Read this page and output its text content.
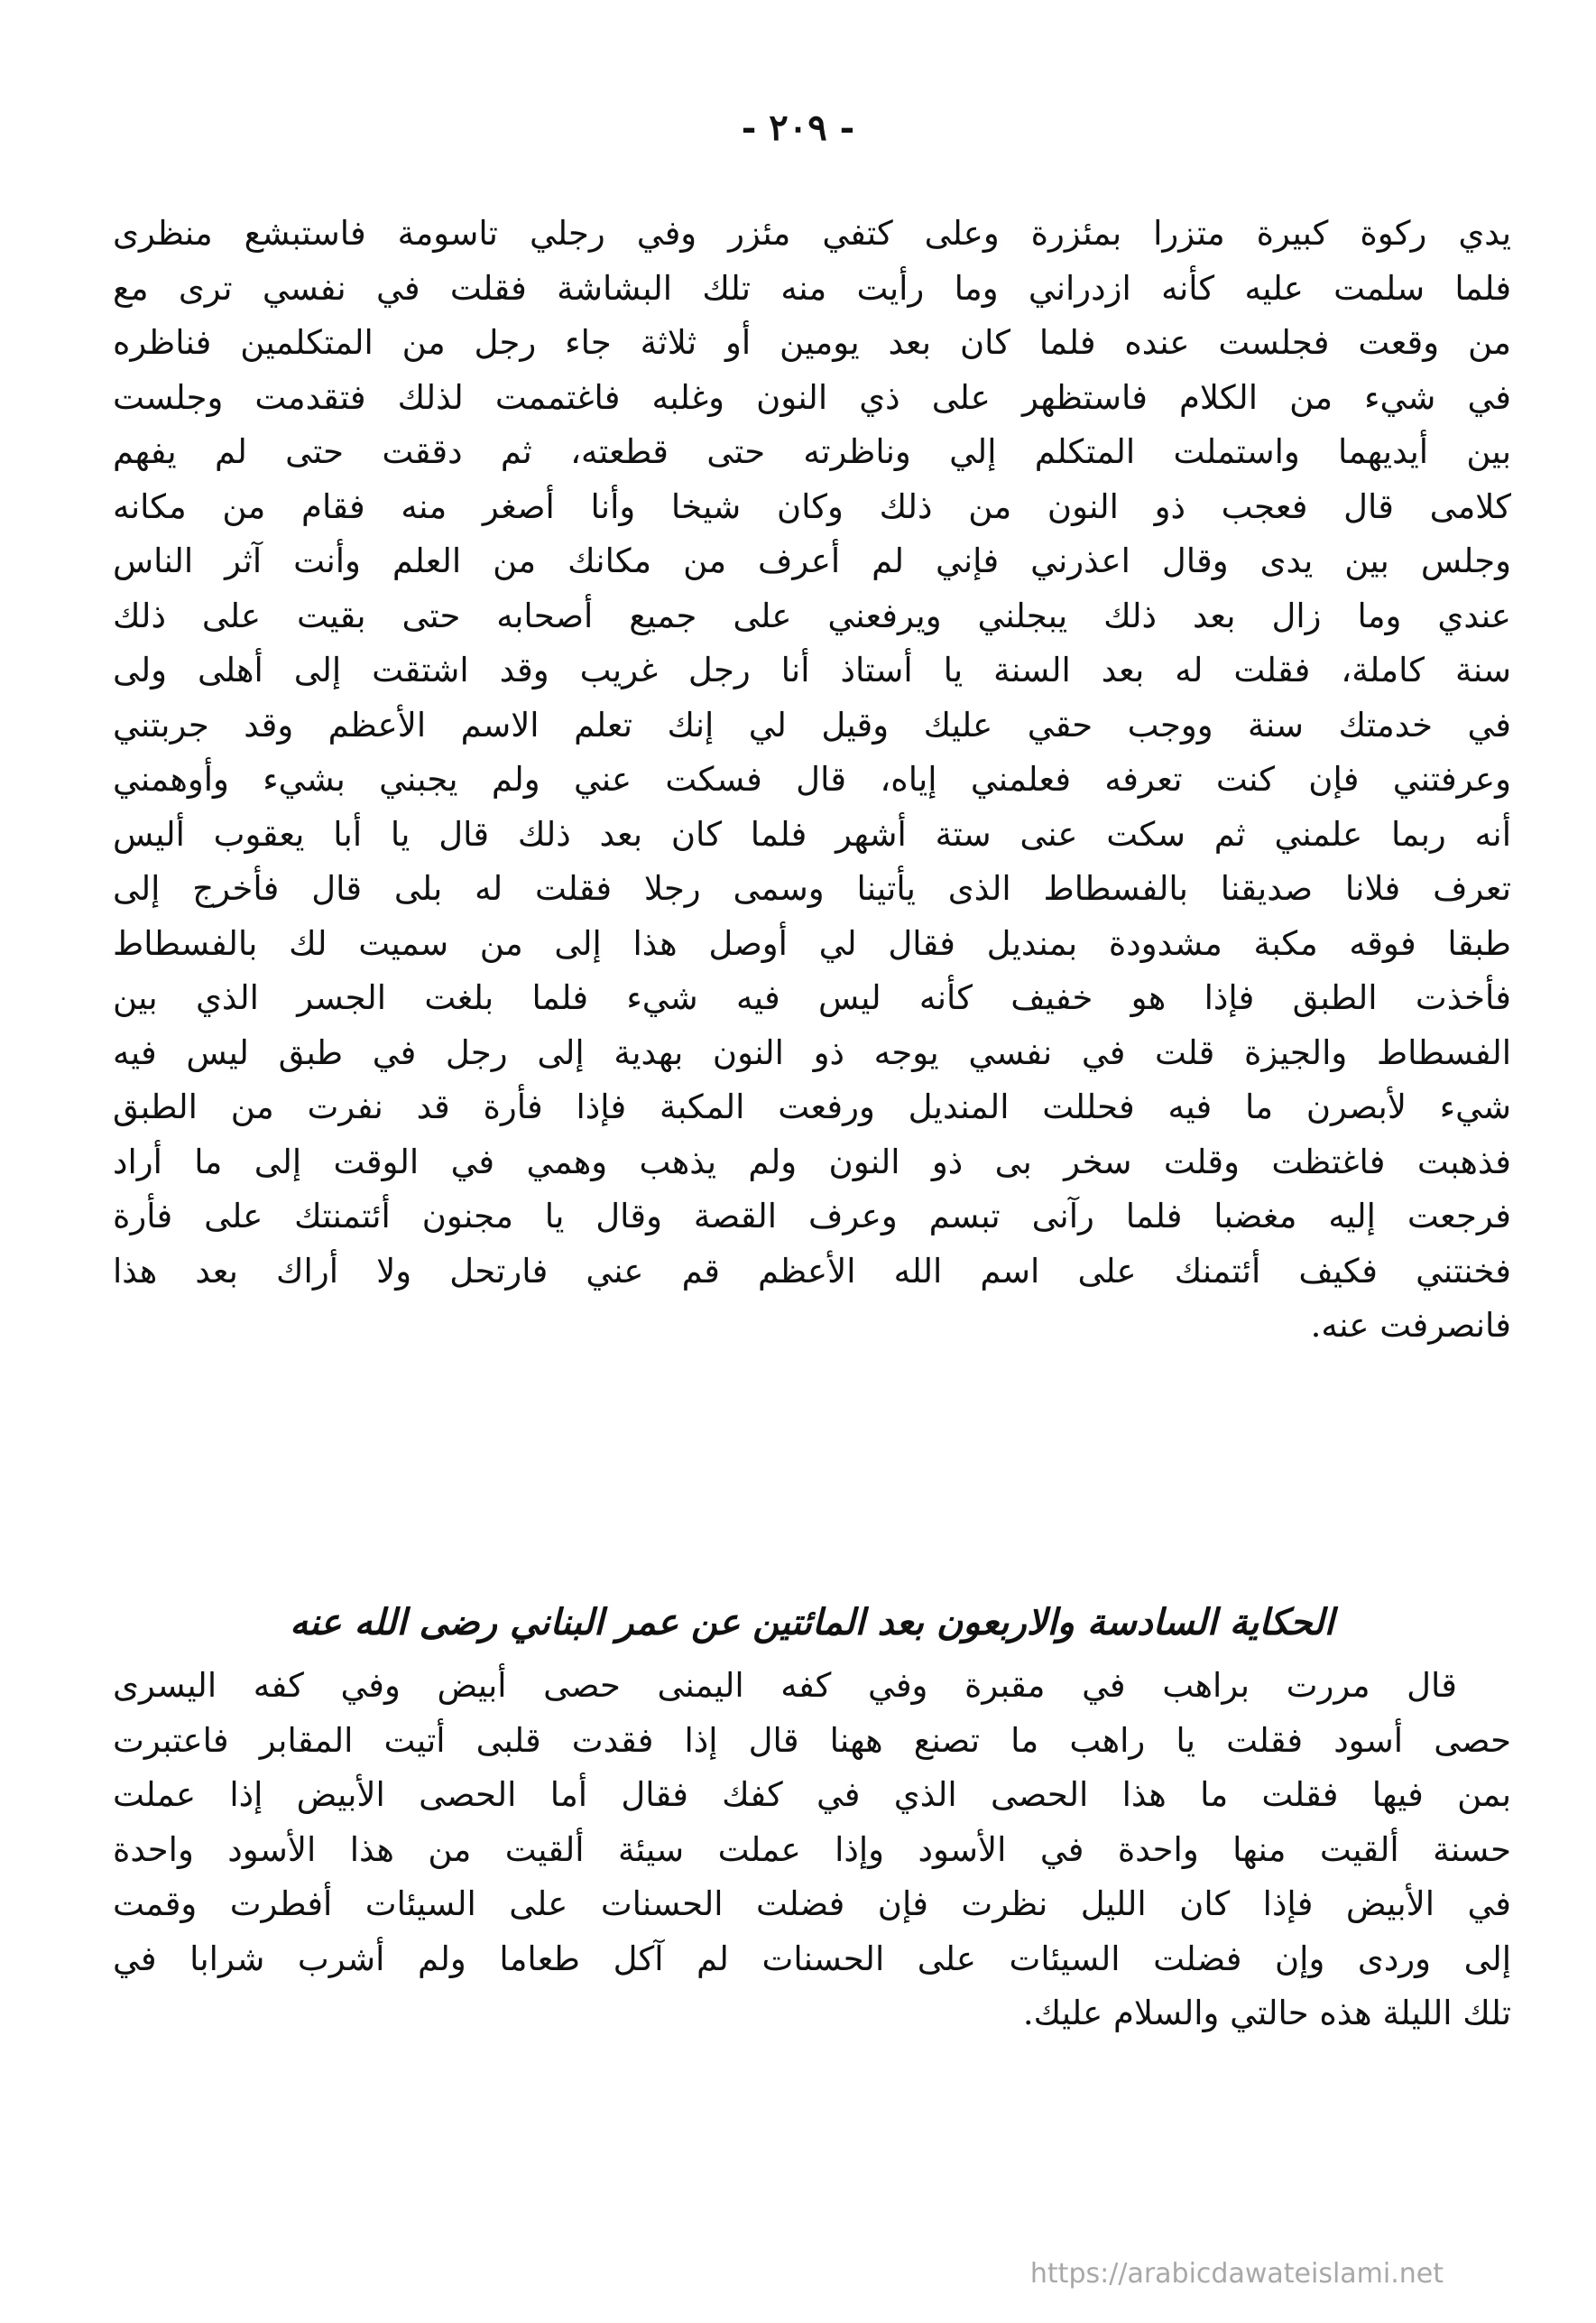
- ٢٠٩ -
يدي ركوة كبيرة متزرا بمئزرة وعلى كتفي مئزر وفي رجلي تاسومة فاستبشع منظرى
فلما سلمت عليه كأنه ازدراني وما رأيت منه تلك البشاشة فقلت في نفسي ترى مع
من وقعت فجلست عنده فلما كان بعد يومين أو ثلاثة جاء رجل من المتكلمين فناظره
في شيء من الكلام فاستظهر على ذي النون وغلبه فاغتممت لذلك فتقدمت وجلست
بين أيديهما واستملت المتكلم إلي وناظرته حتى قطعته، ثم دققت حتى لم يفهم
كلامى قال فعجب ذو النون من ذلك وكان شيخا وأنا أصغر منه فقام من مكانه
وجلس بين يدى وقال اعذرني فإني لم أعرف من مكانك من العلم وأنت آثر الناس
عندي وما زال بعد ذلك يبجلني ويرفعني على جميع أصحابه حتى بقيت على ذلك
سنة كاملة، فقلت له بعد السنة يا أستاذ أنا رجل غريب وقد اشتقت إلى أهلى ولى
في خدمتك سنة ووجب حقي عليك وقيل لي إنك تعلم الاسم الأعظم وقد جربتني
وعرفتني فإن كنت تعرفه فعلمني إياه، قال فسكت عني ولم يجبني بشيء وأوهمني
أنه ربما علمني ثم سكت عنى ستة أشهر فلما كان بعد ذلك قال يا أبا يعقوب أليس
تعرف فلانا صديقنا بالفسطاط الذى يأتينا وسمى رجلا فقلت له بلى قال فأخرج إلى
طبقا فوقه مكبة مشدودة بمنديل فقال لي أوصل هذا إلى من سميت لك بالفسطاط
فأخذت الطبق فإذا هو خفيف كأنه ليس فيه شيء فلما بلغت الجسر الذي بين
الفسطاط والجيزة قلت في نفسي يوجه ذو النون بهدية إلى رجل في طبق ليس فيه
شيء لأبصرن ما فيه فحللت المنديل ورفعت المكبة فإذا فأرة قد نفرت من الطبق
فذهبت فاغتظت وقلت سخر بى ذو النون ولم يذهب وهمي في الوقت إلى ما أراد
فرجعت إليه مغضبا فلما رآنى تبسم وعرف القصة وقال يا مجنون أئتمنتك على فأرة
فخنتني فكيف أئتمنك على اسم الله الأعظم قم عني فارتحل ولا أراك بعد هذا
فانصرفت عنه.
الحكاية السادسة والاربعون بعد المائتين عن عمر البناني رضى الله عنه
قال مررت براهب في مقبرة وفي كفه اليمنى حصى أبيض وفي كفه اليسرى
حصى أسود فقلت يا راهب ما تصنع ههنا قال إذا فقدت قلبى أتيت المقابر فاعتبرت
بمن فيها فقلت ما هذا الحصى الذي في كفك فقال أما الحصى الأبيض إذا عملت
حسنة ألقيت منها واحدة في الأسود وإذا عملت سيئة ألقيت من هذا الأسود واحدة
في الأبيض فإذا كان الليل نظرت فإن فضلت الحسنات على السيئات أفطرت وقمت
إلى وردى وإن فضلت السيئات على الحسنات لم آكل طعاما ولم أشرب شرابا في
تلك الليلة هذه حالتي والسلام عليك.
https://arabicdawateislami.net
